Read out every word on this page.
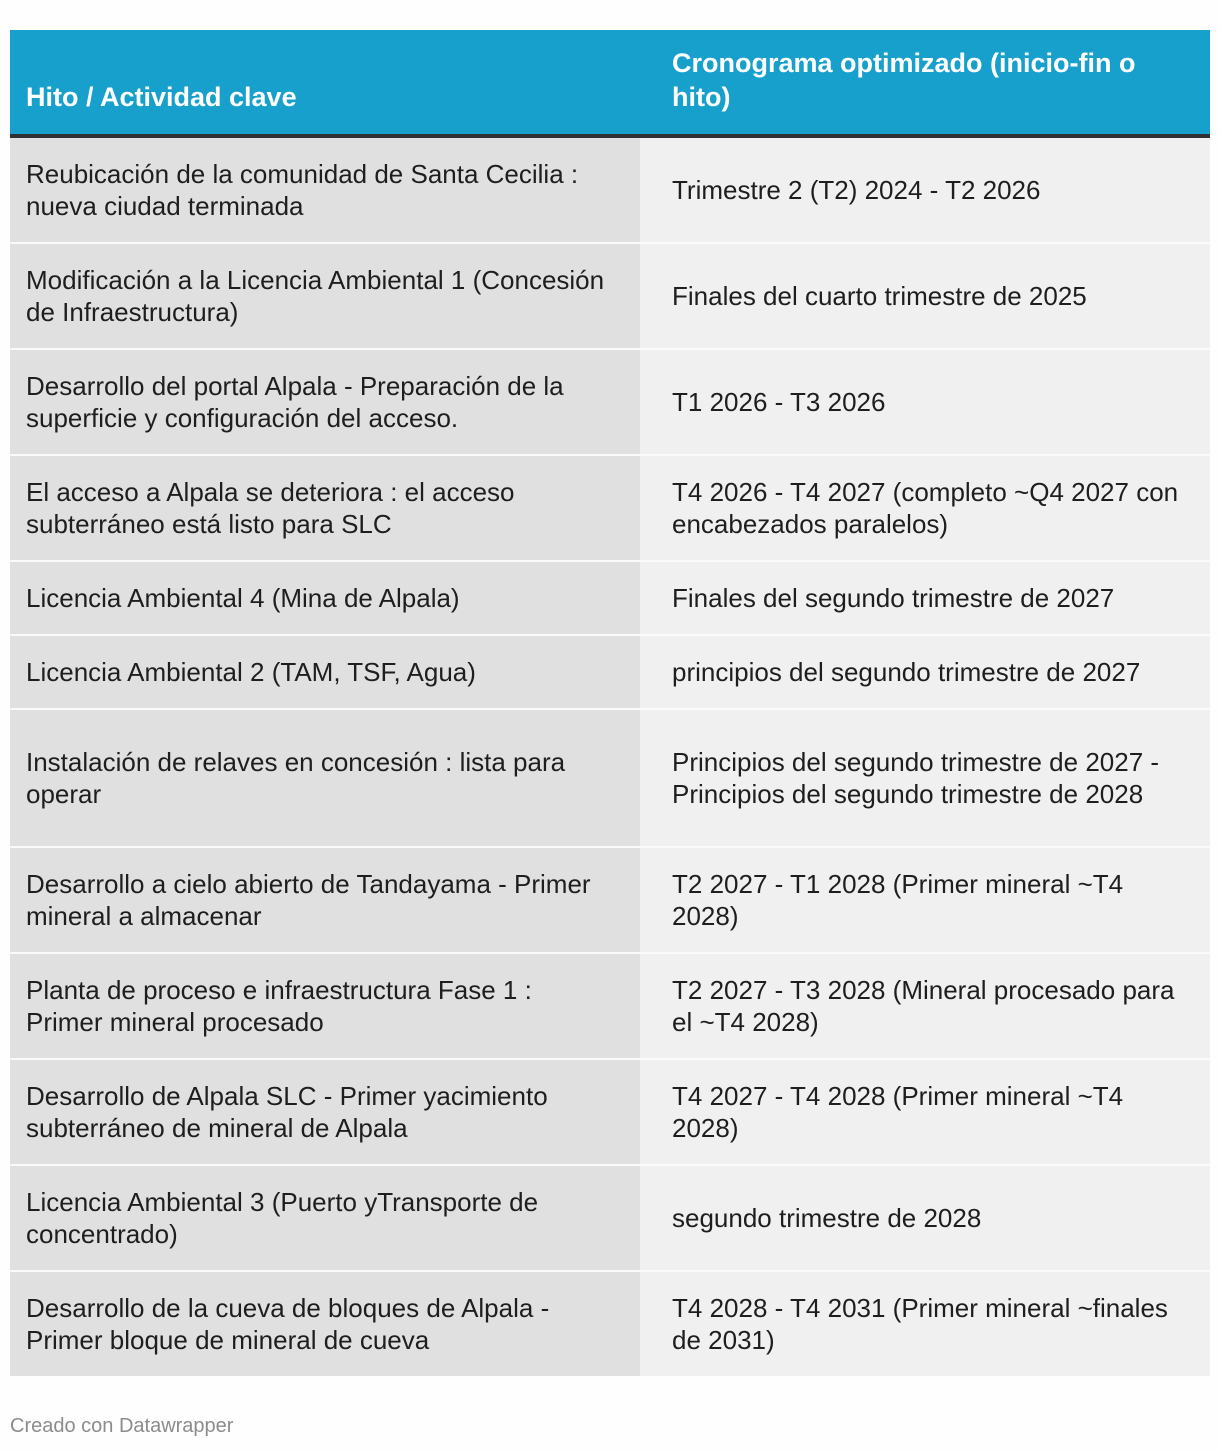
Hito / Actividad clave
Cronograma optimizado (inicio-fin o hito)
Reubicación de la comunidad de Santa Cecilia : nueva ciudad terminada
Trimestre 2 (T2) 2024 - T2 2026
Modificación a la Licencia Ambiental 1 (Concesión de Infraestructura)
Finales del cuarto trimestre de 2025
Desarrollo del portal Alpala - Preparación de la superficie y configuración del acceso.
T1 2026 - T3 2026
El acceso a Alpala se deteriora : el acceso subterráneo está listo para SLC
T4 2026 - T4 2027 (completo ~Q4 2027 con encabezados paralelos)
Licencia Ambiental 4 (Mina de Alpala)	Finales del segundo trimestre de 2027
Licencia Ambiental 2 (TAM, TSF, Agua)	principios del segundo trimestre de 2027
Instalación de relaves en concesión : lista para operar
Principios del segundo trimestre de 2027 - Principios del segundo trimestre de 2028
Desarrollo a cielo abierto de Tandayama - Primer mineral a almacenar
T2 2027 - T1 2028 (Primer mineral ~T4 2028)
Planta de proceso e infraestructura Fase 1 : Primer mineral procesado
T2 2027 - T3 2028 (Mineral procesado para el ~T4 2028)
Desarrollo de Alpala SLC - Primer yacimiento subterráneo de mineral de Alpala
T4 2027 - T4 2028 (Primer mineral ~T4 2028)
Licencia Ambiental 3 (Puerto yTransporte de concentrado)
segundo trimestre de 2028
Desarrollo de la cueva de bloques de Alpala - Primer bloque de mineral de cueva
T4 2028 - T4 2031 (Primer mineral ~finales de 2031)
Creado con Datawrapper
